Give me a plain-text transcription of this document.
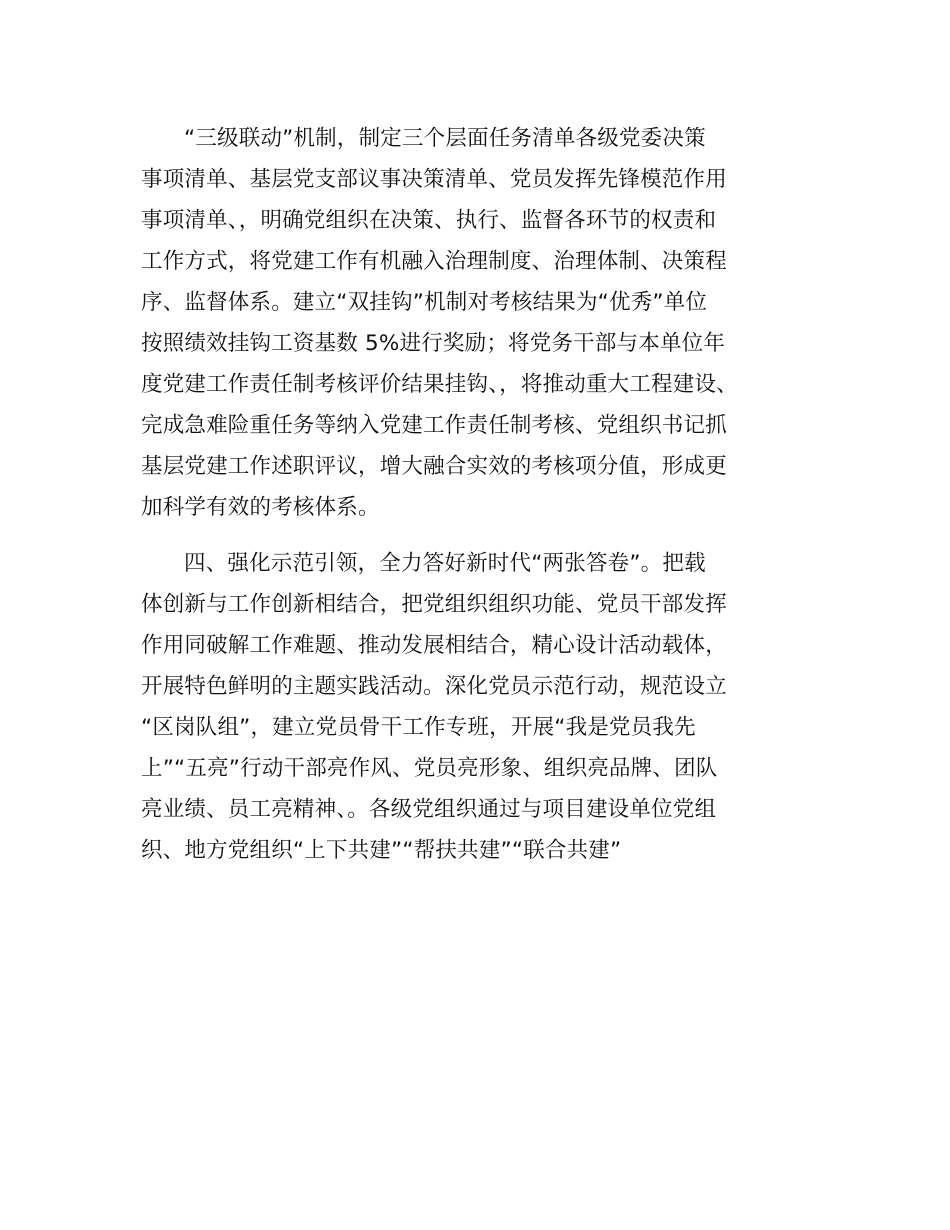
“三级联动”机制，制定三个层面任务清单各级党委决策
事项清单、基层党支部议事决策清单、党员发挥先锋模范作用
事项清单、，明确党组织在决策、执行、监督各环节的权责和
工作方式，将党建工作有机融入治理制度、治理体制、决策程
序、监督体系。建立“双挂钩”机制对考核结果为“优秀”单位
按照绩效挂钩工资基数 5%进行奖励；将党务干部与本单位年
度党建工作责任制考核评价结果挂钩、，将推动重大工程建设、
完成急难险重任务等纳入党建工作责任制考核、党组织书记抓
基层党建工作述职评议，增大融合实效的考核项分值，形成更
加科学有效的考核体系。
四、强化示范引领，全力答好新时代“两张答卷”。把载
体创新与工作创新相结合，把党组织组织功能、党员干部发挥
作用同破解工作难题、推动发展相结合，精心设计活动载体，
开展特色鲜明的主题实践活动。深化党员示范行动，规范设立
“区岗队组”，建立党员骨干工作专班，开展“我是党员我先
上”“五亮”行动干部亮作风、党员亮形象、组织亮品牌、团队
亮业绩、员工亮精神、。各级党组织通过与项目建设单位党组
织、地方党组织“上下共建”“帮扶共建”“联合共建”
